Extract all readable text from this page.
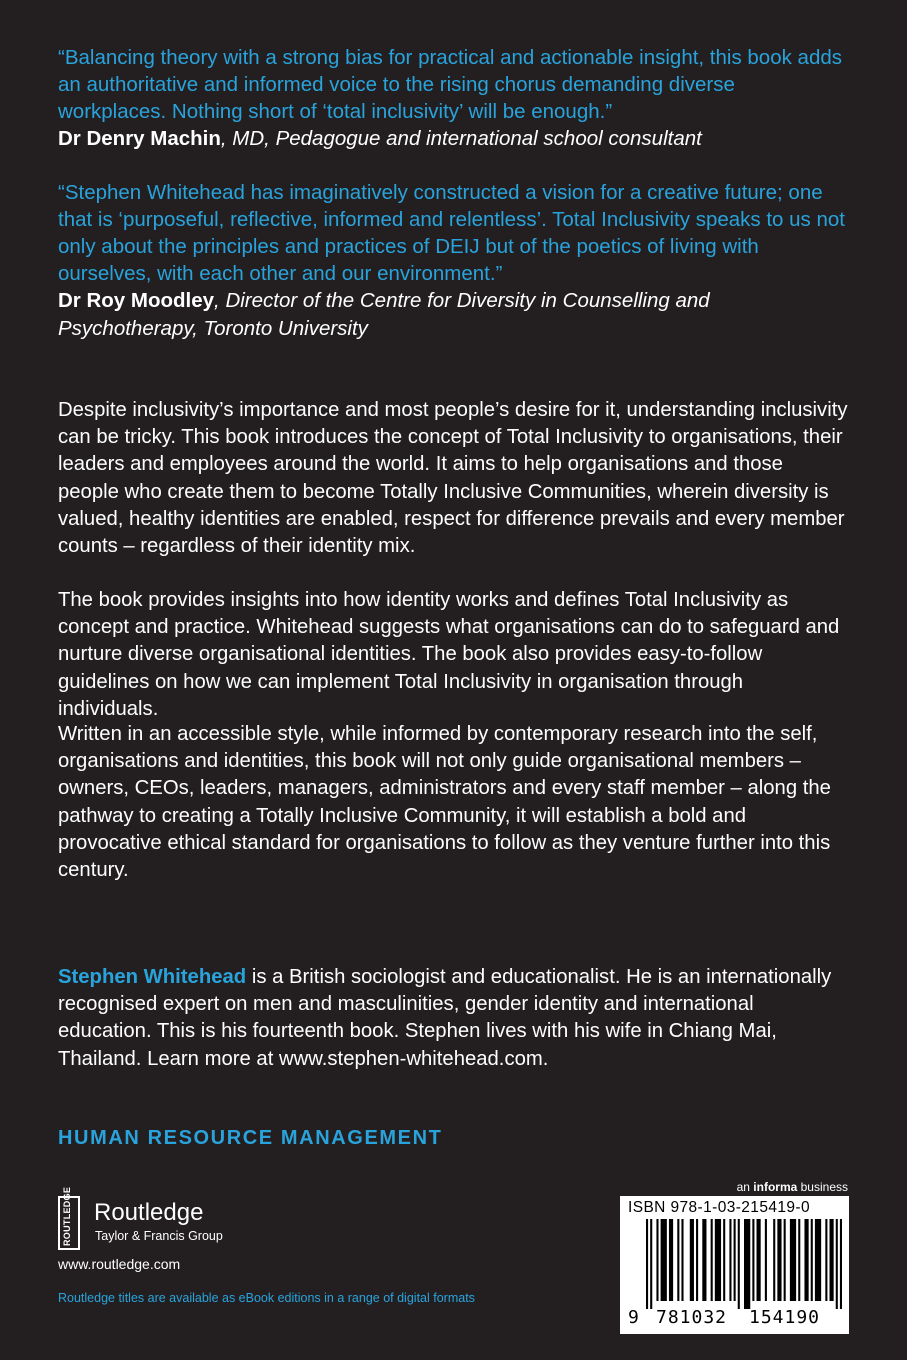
“Balancing theory with a strong bias for practical and actionable insight, this book adds an authoritative and informed voice to the rising chorus demanding diverse workplaces. Nothing short of ‘total inclusivity’ will be enough.”
Dr Denry Machin, MD, Pedagogue and international school consultant
“Stephen Whitehead has imaginatively constructed a vision for a creative future; one that is ‘purposeful, reflective, informed and relentless’. Total Inclusivity speaks to us not only about the principles and practices of DEIJ but of the poetics of living with ourselves, with each other and our environment.”
Dr Roy Moodley, Director of the Centre for Diversity in Counselling and Psychotherapy, Toronto University
Despite inclusivity’s importance and most people’s desire for it, understanding inclusivity can be tricky. This book introduces the concept of Total Inclusivity to organisations, their leaders and employees around the world. It aims to help organisations and those people who create them to become Totally Inclusive Communities, wherein diversity is valued, healthy identities are enabled, respect for difference prevails and every member counts – regardless of their identity mix.
The book provides insights into how identity works and defines Total Inclusivity as concept and practice. Whitehead suggests what organisations can do to safeguard and nurture diverse organisational identities. The book also provides easy-to-follow guidelines on how we can implement Total Inclusivity in organisation through individuals.
Written in an accessible style, while informed by contemporary research into the self, organisations and identities, this book will not only guide organisational members – owners, CEOs, leaders, managers, administrators and every staff member – along the pathway to creating a Totally Inclusive Community, it will establish a bold and provocative ethical standard for organisations to follow as they venture further into this century.
Stephen Whitehead is a British sociologist and educationalist. He is an internationally recognised expert on men and masculinities, gender identity and international education. This is his fourteenth book. Stephen lives with his wife in Chiang Mai, Thailand. Learn more at www.stephen-whitehead.com.
HUMAN RESOURCE MANAGEMENT
ROUTLEDGE Routledge
Taylor & Francis Group
www.routledge.com
Routledge titles are available as eBook editions in a range of digital formats
an informa business
ISBN 978-1-03-215419-0
9 781032 154190
